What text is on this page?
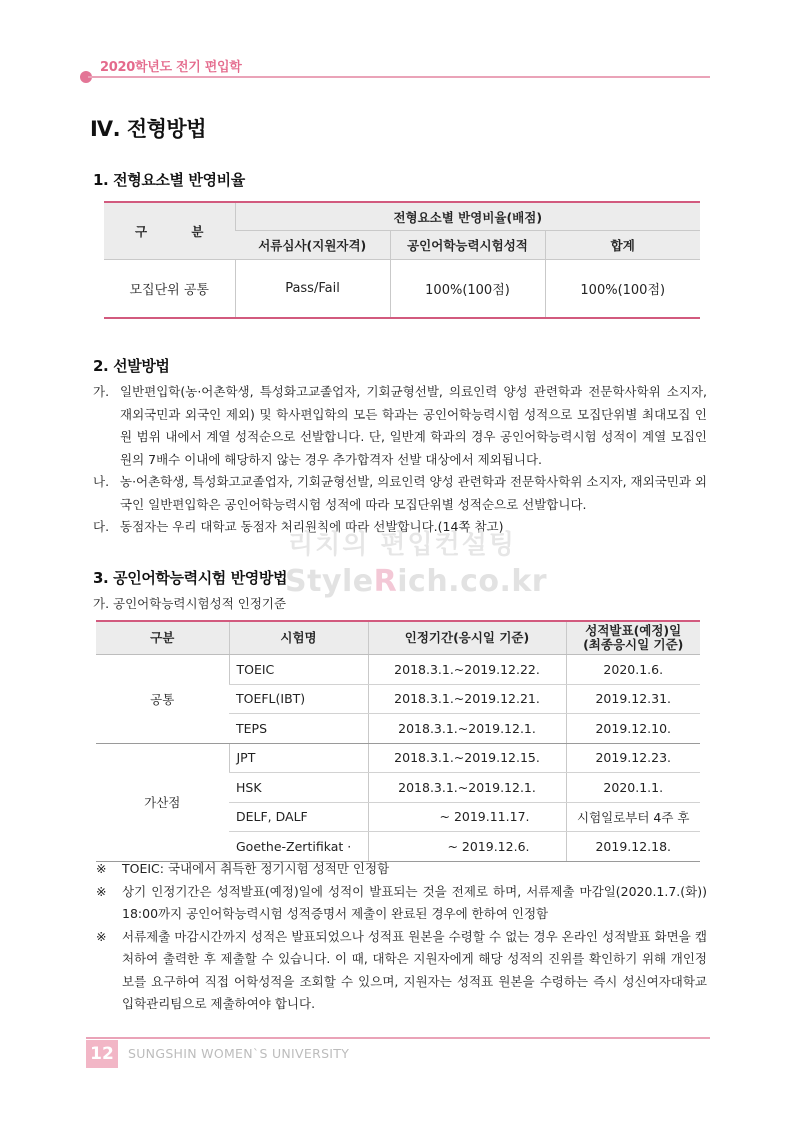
2020학년도 전기 편입학
Ⅳ. 전형방법
1. 전형요소별 반영비율
구 분	전형요소별 반영비율(배점)		
	서류심사(지원자격)	공인어학능력시험성적	합계
모집단위 공통	Pass/Fail	100%(100점)	100%(100점)
2. 선발방법
가. 일반편입학(농·어촌학생, 특성화고교졸업자, 기회균형선발, 의료인력 양성 관련학과 전문학사학위 소지자, 재외국민과 외국인 제외) 및 학사편입학의 모든 학과는 공인어학능력시험 성적으로 모집단위별 최대모집 인원 범위 내에서 계열 성적순으로 선발합니다. 단, 일반계 학과의 경우 공인어학능력시험 성적이 계열 모집인원의 7배수 이내에 해당하지 않는 경우 추가합격자 선발 대상에서 제외됩니다.
나. 농·어촌학생, 특성화고교졸업자, 기회균형선발, 의료인력 양성 관련학과 전문학사학위 소지자, 재외국민과 외국인 일반편입학은 공인어학능력시험 성적에 따라 모집단위별 성적순으로 선발합니다.
다. 동점자는 우리 대학교 동점자 처리원칙에 따라 선발합니다.(14쪽 참고)
리치의 편입컨설팅
StyleRich.co.kr
3. 공인어학능력시험 반영방법
가. 공인어학능력시험성적 인정기준
구분	시험명	인정기간(응시일 기준)	성적발표(예정)일
(최종응시일 기준)
공통	TOEIC	2018.3.1.~2019.12.22.	2020.1.6.
	TOEFL(IBT)	2018.3.1.~2019.12.21.	2019.12.31.
	TEPS	2018.3.1.~2019.12.1.	2019.12.10.
가산점	JPT	2018.3.1.~2019.12.15.	2019.12.23.
	HSK	2018.3.1.~2019.12.1.	2020.1.1.
	DELF, DALF	~ 2019.11.17.	시험일로부터 4주 후
	Goethe-Zertifikat ·	~ 2019.12.6.	2019.12.18.
※ TOEIC: 국내에서 취득한 정기시험 성적만 인정함
※ 상기 인정기간은 성적발표(예정)일에 성적이 발표되는 것을 전제로 하며, 서류제출 마감일(2020.1.7.(화)) 18:00까지 공인어학능력시험 성적증명서 제출이 완료된 경우에 한하여 인정함
※ 서류제출 마감시간까지 성적은 발표되었으나 성적표 원본을 수령할 수 없는 경우 온라인 성적발표 화면을 캡처하여 출력한 후 제출할 수 있습니다. 이 때, 대학은 지원자에게 해당 성적의 진위를 확인하기 위해 개인정보를 요구하여 직접 어학성적을 조회할 수 있으며, 지원자는 성적표 원본을 수령하는 즉시 성신여자대학교 입학관리팀으로 제출하여야 합니다.
12	SUNGSHIN WOMEN`S UNIVERSITY
